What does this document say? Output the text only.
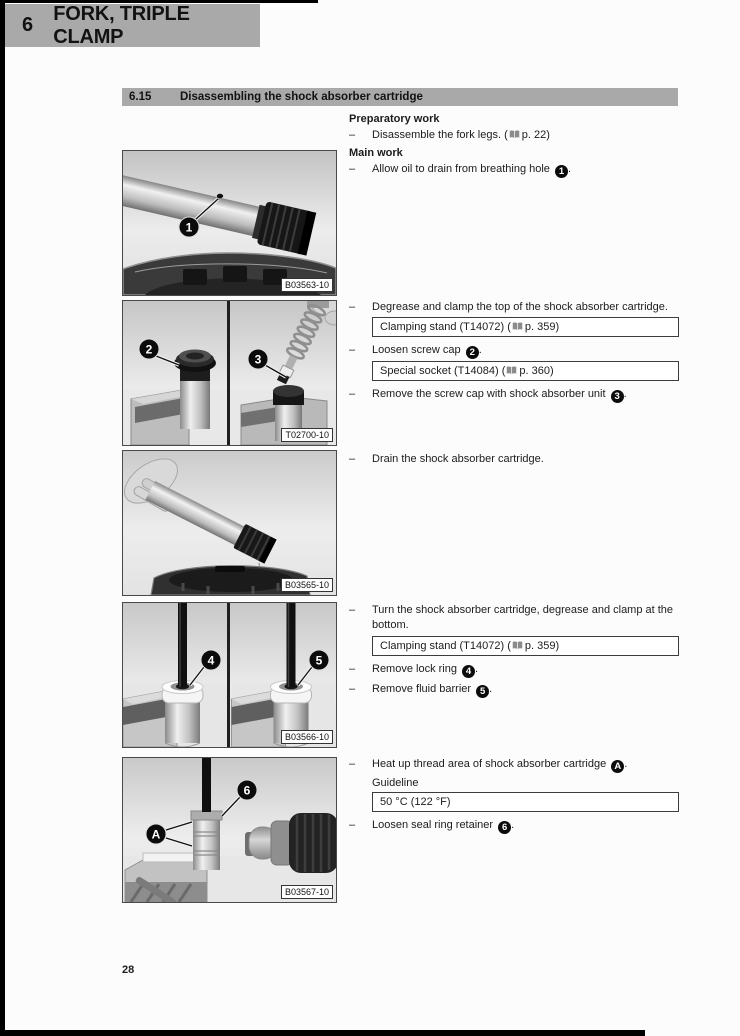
6
FORK, TRIPLE CLAMP
6.15	Disassembling the shock absorber cartridge
Preparatory work
–	Disassemble the fork legs. ( p. 22)
Main work
–	Allow oil to drain from breathing hole 1 .
–	Degrease and clamp the top of the shock absorber cartridge.
Clamping stand (T14072) ( p. 359)
–	Loosen screw cap 2 .
Special socket (T14084) ( p. 360)
–	Remove the screw cap with shock absorber unit 3 .
–	Drain the shock absorber cartridge.
–	Turn the shock absorber cartridge, degrease and clamp at the bottom.
Clamping stand (T14072) ( p. 359)
–	Remove lock ring 4 .
–	Remove fluid barrier 5 .
–	Heat up thread area of shock absorber cartridge A .
Guideline
50 °C (122 °F)
–	Loosen seal ring retainer 6 .
1
B03563-10
2
3
T02700-10
B03565-10
4	5
B03566-10
6
A
B03567-10
28
